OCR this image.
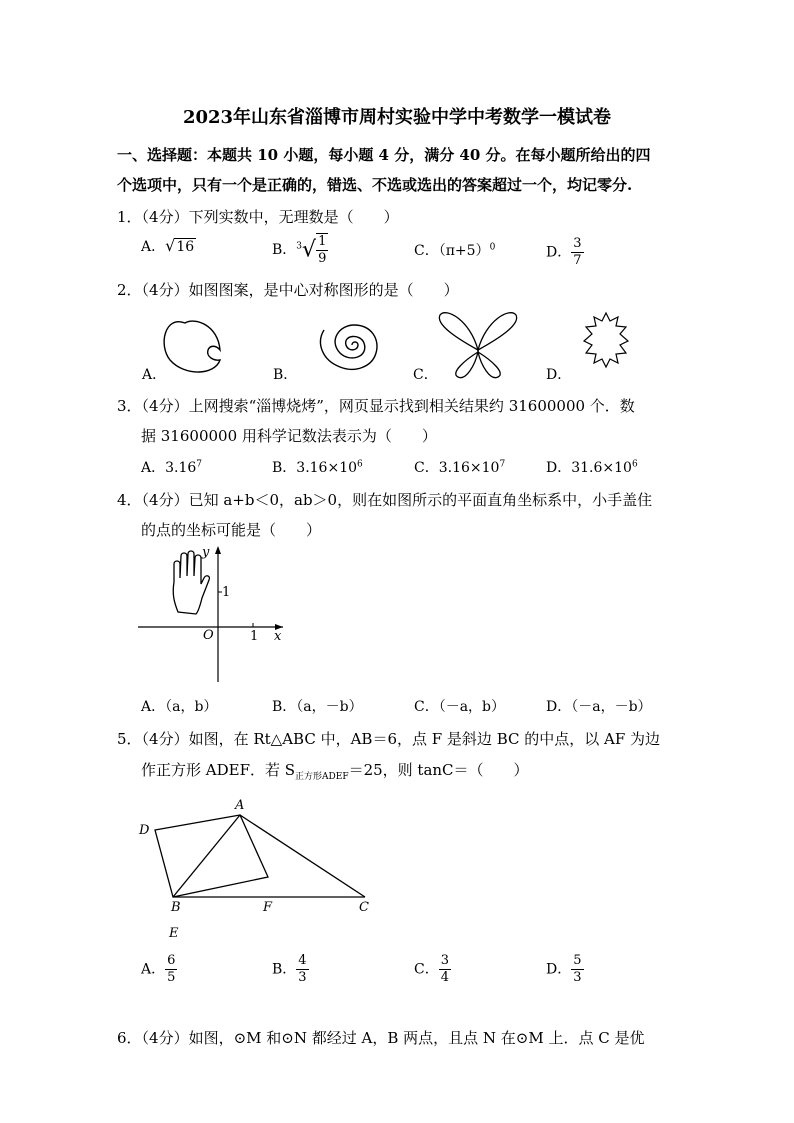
2023年山东省淄博市周村实验中学中考数学一模试卷
一、选择题：本题共 10 小题，每小题 4 分，满分 40 分。在每小题所给出的四
个选项中，只有一个是正确的，错选、不选或选出的答案超过一个，均记零分.
1．（4分）下列实数中，无理数是（　　）
A．√16	B．$^3√ \frac{1}{9}$	C．$(\pi+5)^0$	D． $\frac{3}{7}$
2．（4分）如图图案，是中心对称图形的是（　　）
A．	B．	C．	D．
3．（4分）上网搜索“淄博烧烤”，网页显示找到相关结果约 31600000 个．数
据 31600000 用科学记数法表示为（　　）
A．3.16$^7$	B．$3.16\times 10^6$	C．$3.16\times 10^7$	D．$31.6\times 10^6$
4．（4分）已知 a+b＜0，ab＞0，则在如图所示的平面直角坐标系中，小手盖住
的点的坐标可能是（　　）
y
x
O	1
1
A．（a，b）	B．（a，－b）	C．（－a，b）	D．（－a，－b）
5．（4分）如图，在 Rt△ABC 中，AB＝6，点 F 是斜边 BC 的中点，以 AF 为边
作正方形 ADEF．若 $S_{正方形ADEF}=25$，则 tanC＝（　　）
A
D
B	F	C
E
A． $\frac{6}{5}$	B． $\frac{4}{3}$	C． $\frac{3}{4}$	D． $\frac{5}{3}$
6．（4分）如图，⊙M 和⊙N 都经过 A，B 两点，且点 N 在⊙M 上．点 C 是优
